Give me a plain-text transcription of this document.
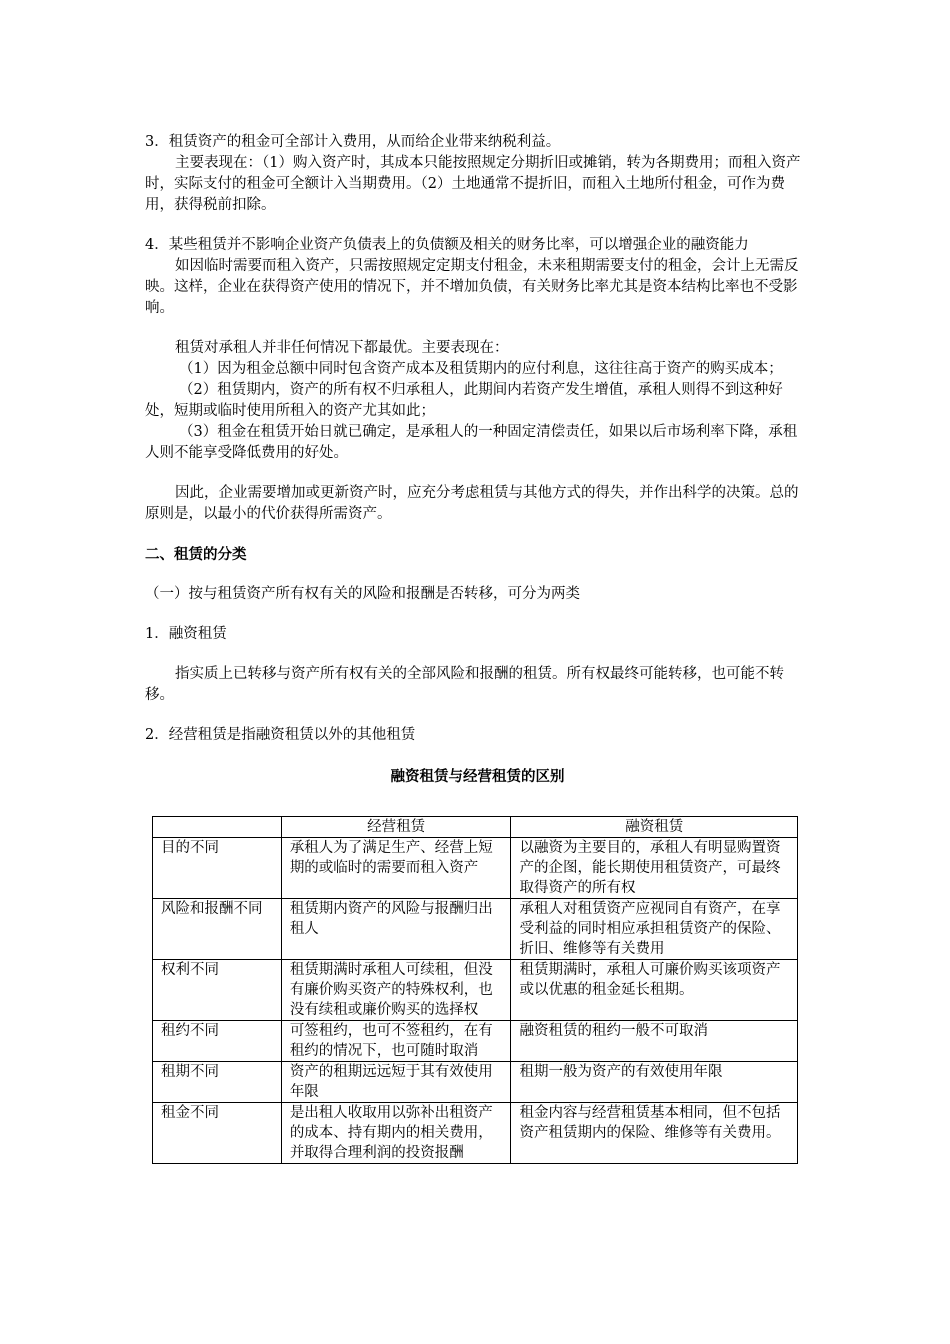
3．租赁资产的租金可全部计入费用，从而给企业带来纳税利益。

主要表现在：（1）购入资产时，其成本只能按照规定分期折旧或摊销，转为各期费用；而租入资产时，实际支付的租金可全额计入当期费用。（2）土地通常不提折旧，而租入土地所付租金，可作为费用，获得税前扣除。

4．某些租赁并不影响企业资产负债表上的负债额及相关的财务比率，可以增强企业的融资能力

如因临时需要而租入资产，只需按照规定定期支付租金，未来租期需要支付的租金，会计上无需反映。这样，企业在获得资产使用的情况下，并不增加负债，有关财务比率尤其是资本结构比率也不受影响。

租赁对承租人并非任何情况下都最优。主要表现在：

（1）因为租金总额中同时包含资产成本及租赁期内的应付利息，这往往高于资产的购买成本；

（2）租赁期内，资产的所有权不归承租人，此期间内若资产发生增值，承租人则得不到这种好处，短期或临时使用所租入的资产尤其如此；

（3）租金在租赁开始日就已确定，是承租人的一种固定清偿责任，如果以后市场利率下降，承租人则不能享受降低费用的好处。

因此，企业需要增加或更新资产时，应充分考虑租赁与其他方式的得失，并作出科学的决策。总的原则是，以最小的代价获得所需资产。

二、租赁的分类

（一）按与租赁资产所有权有关的风险和报酬是否转移，可分为两类

1．融资租赁

指实质上已转移与资产所有权有关的全部风险和报酬的租赁。所有权最终可能转移，也可能不转移。

2．经营租赁是指融资租赁以外的其他租赁

融资租赁与经营租赁的区别

	经营租赁	融资租赁
目的不同	承租人为了满足生产、经营上短期的或临时的需要而租入资产	以融资为主要目的，承租人有明显购置资产的企图，能长期使用租赁资产，可最终取得资产的所有权
风险和报酬不同	租赁期内资产的风险与报酬归出租人	承租人对租赁资产应视同自有资产，在享受利益的同时相应承担租赁资产的保险、折旧、维修等有关费用
权利不同	租赁期满时承租人可续租，但没有廉价购买资产的特殊权利，也没有续租或廉价购买的选择权	租赁期满时，承租人可廉价购买该项资产或以优惠的租金延长租期。
租约不同	可签租约，也可不签租约，在有租约的情况下，也可随时取消	融资租赁的租约一般不可取消
租期不同	资产的租期远远短于其有效使用年限	租期一般为资产的有效使用年限
租金不同	是出租人收取用以弥补出租资产的成本、持有期内的相关费用，并取得合理利润的投资报酬	租金内容与经营租赁基本相同，但不包括资产租赁期内的保险、维修等有关费用。
